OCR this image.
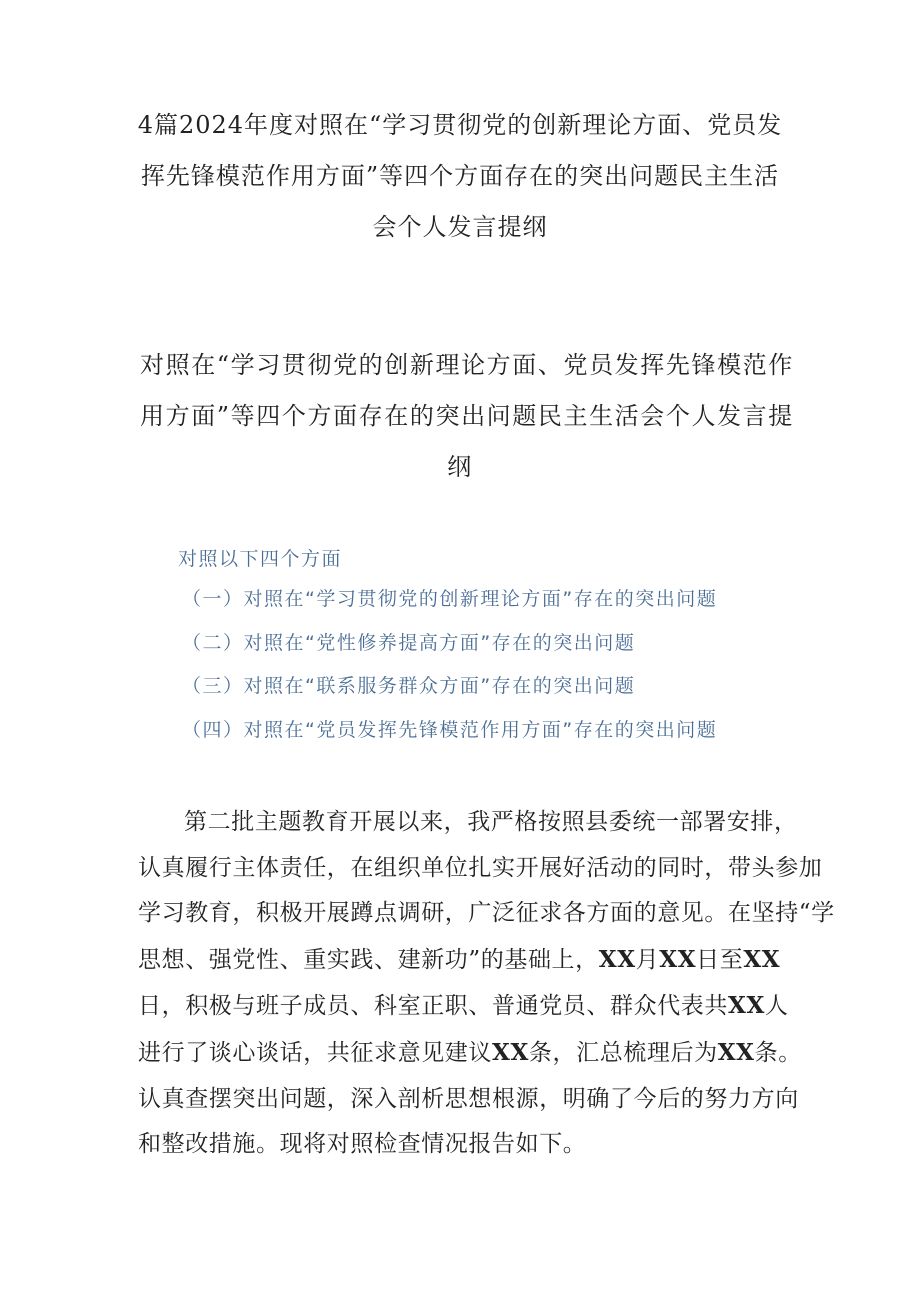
4篇2024年度对照在“学习贯彻党的创新理论方面、党员发
挥先锋模范作用方面”等四个方面存在的突出问题民主生活
会个人发言提纲
对照在“学习贯彻党的创新理论方面、党员发挥先锋模范作
用方面”等四个方面存在的突出问题民主生活会个人发言提
纲
对照以下四个方面
（一）对照在“学习贯彻党的创新理论方面”存在的突出问题
（二）对照在“党性修养提高方面”存在的突出问题
（三）对照在“联系服务群众方面”存在的突出问题
（四）对照在“党员发挥先锋模范作用方面”存在的突出问题
第二批主题教育开展以来，我严格按照县委统一部署安排，
认真履行主体责任，在组织单位扎实开展好活动的同时，带头参加
学习教育，积极开展蹲点调研，广泛征求各方面的意见。在坚持“学
思想、强党性、重实践、建新功”的基础上，XX月XX日至XX
日，积极与班子成员、科室正职、普通党员、群众代表共XX人
进行了谈心谈话，共征求意见建议XX条，汇总梳理后为XX条。
认真查摆突出问题，深入剖析思想根源，明确了今后的努力方向
和整改措施。现将对照检查情况报告如下。
